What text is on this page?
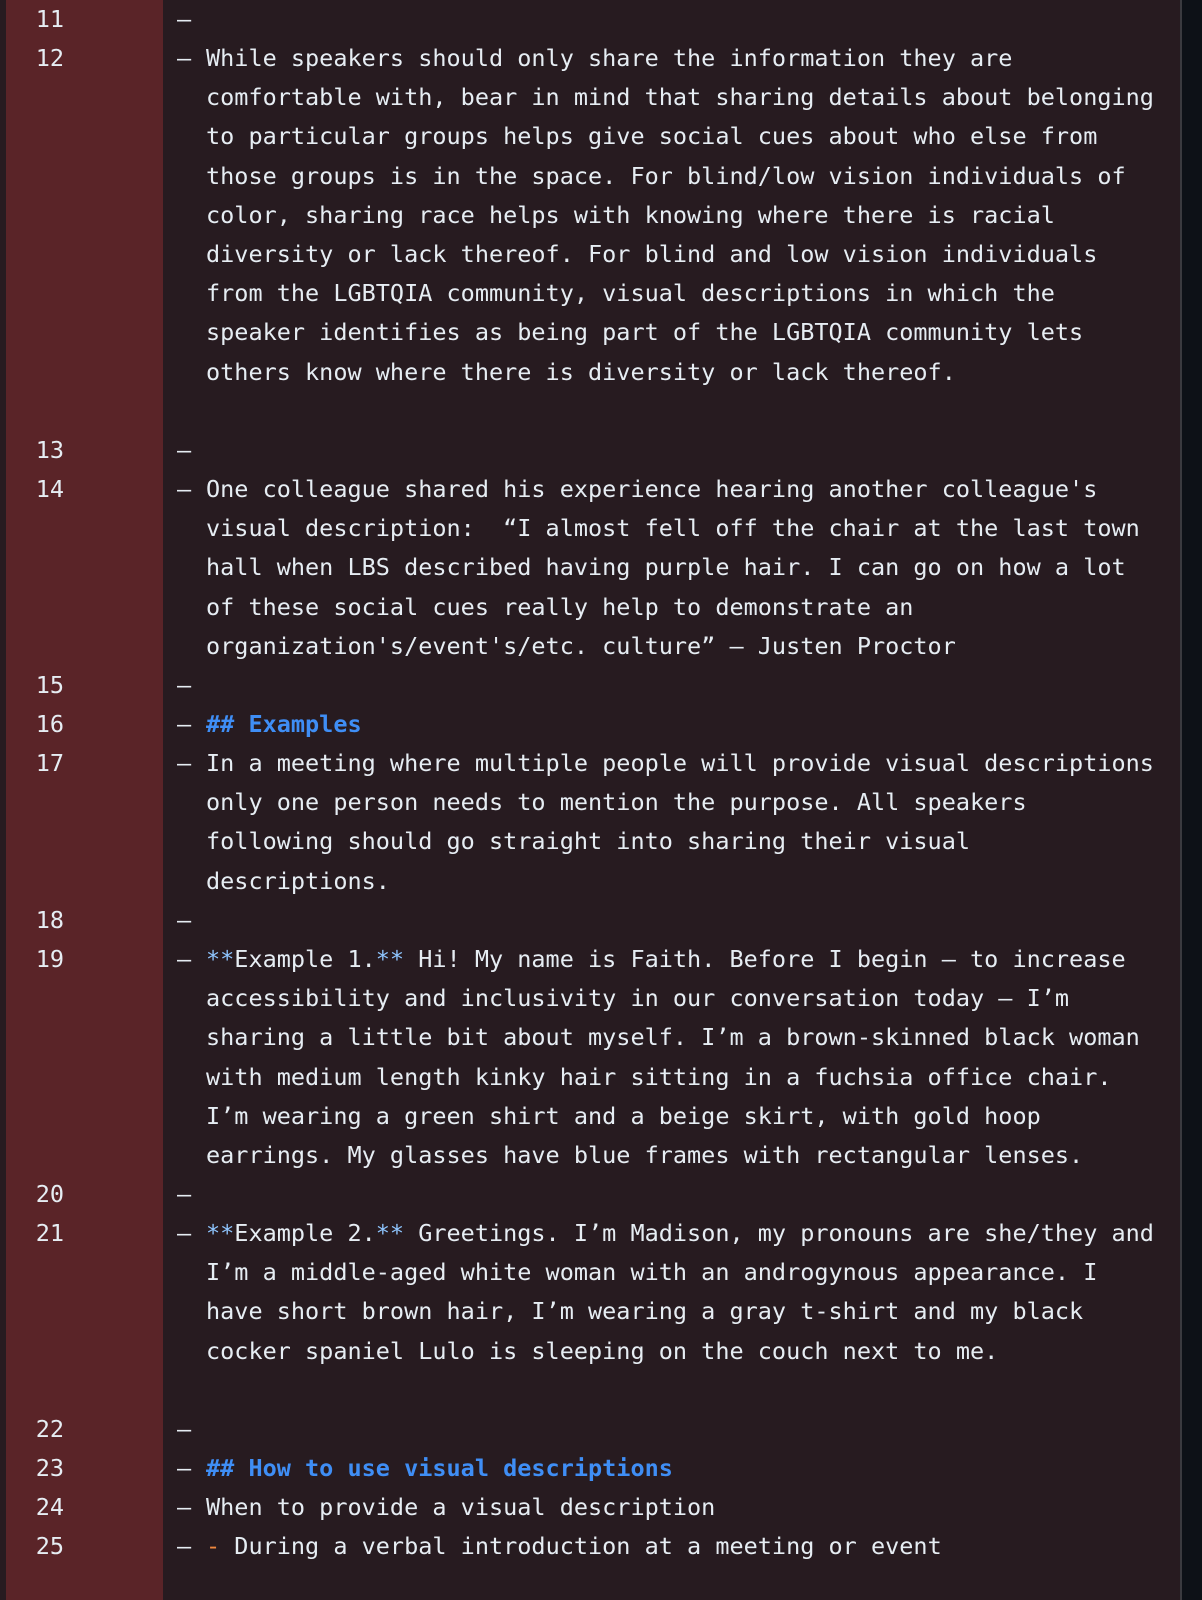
11	–
12	– While speakers should only share the information they are comfortable with, bear in mind that sharing details about belonging to particular groups helps give social cues about who else from those groups is in the space. For blind/low vision individuals of color, sharing race helps with knowing where there is racial diversity or lack thereof. For blind and low vision individuals from the LGBTQIA community, visual descriptions in which the speaker identifies as being part of the LGBTQIA community lets others know where there is diversity or lack thereof.
13	–
14	– One colleague shared his experience hearing another colleague's visual description:  “I almost fell off the chair at the last town hall when LBS described having purple hair. I can go on how a lot of these social cues really help to demonstrate an organization's/event's/etc. culture” – Justen Proctor
15	–
16	– ## Examples
17	– In a meeting where multiple people will provide visual descriptions only one person needs to mention the purpose. All speakers following should go straight into sharing their visual descriptions.
18	–
19	– **Example 1.** Hi! My name is Faith. Before I begin – to increase accessibility and inclusivity in our conversation today – I’m sharing a little bit about myself. I’m a brown-skinned black woman with medium length kinky hair sitting in a fuchsia office chair. I’m wearing a green shirt and a beige skirt, with gold hoop earrings. My glasses have blue frames with rectangular lenses.
20	–
21	– **Example 2.** Greetings. I’m Madison, my pronouns are she/they and I’m a middle-aged white woman with an androgynous appearance. I have short brown hair, I’m wearing a gray t-shirt and my black cocker spaniel Lulo is sleeping on the couch next to me.
22	–
23	– ## How to use visual descriptions
24	– When to provide a visual description
25	– - During a verbal introduction at a meeting or event
